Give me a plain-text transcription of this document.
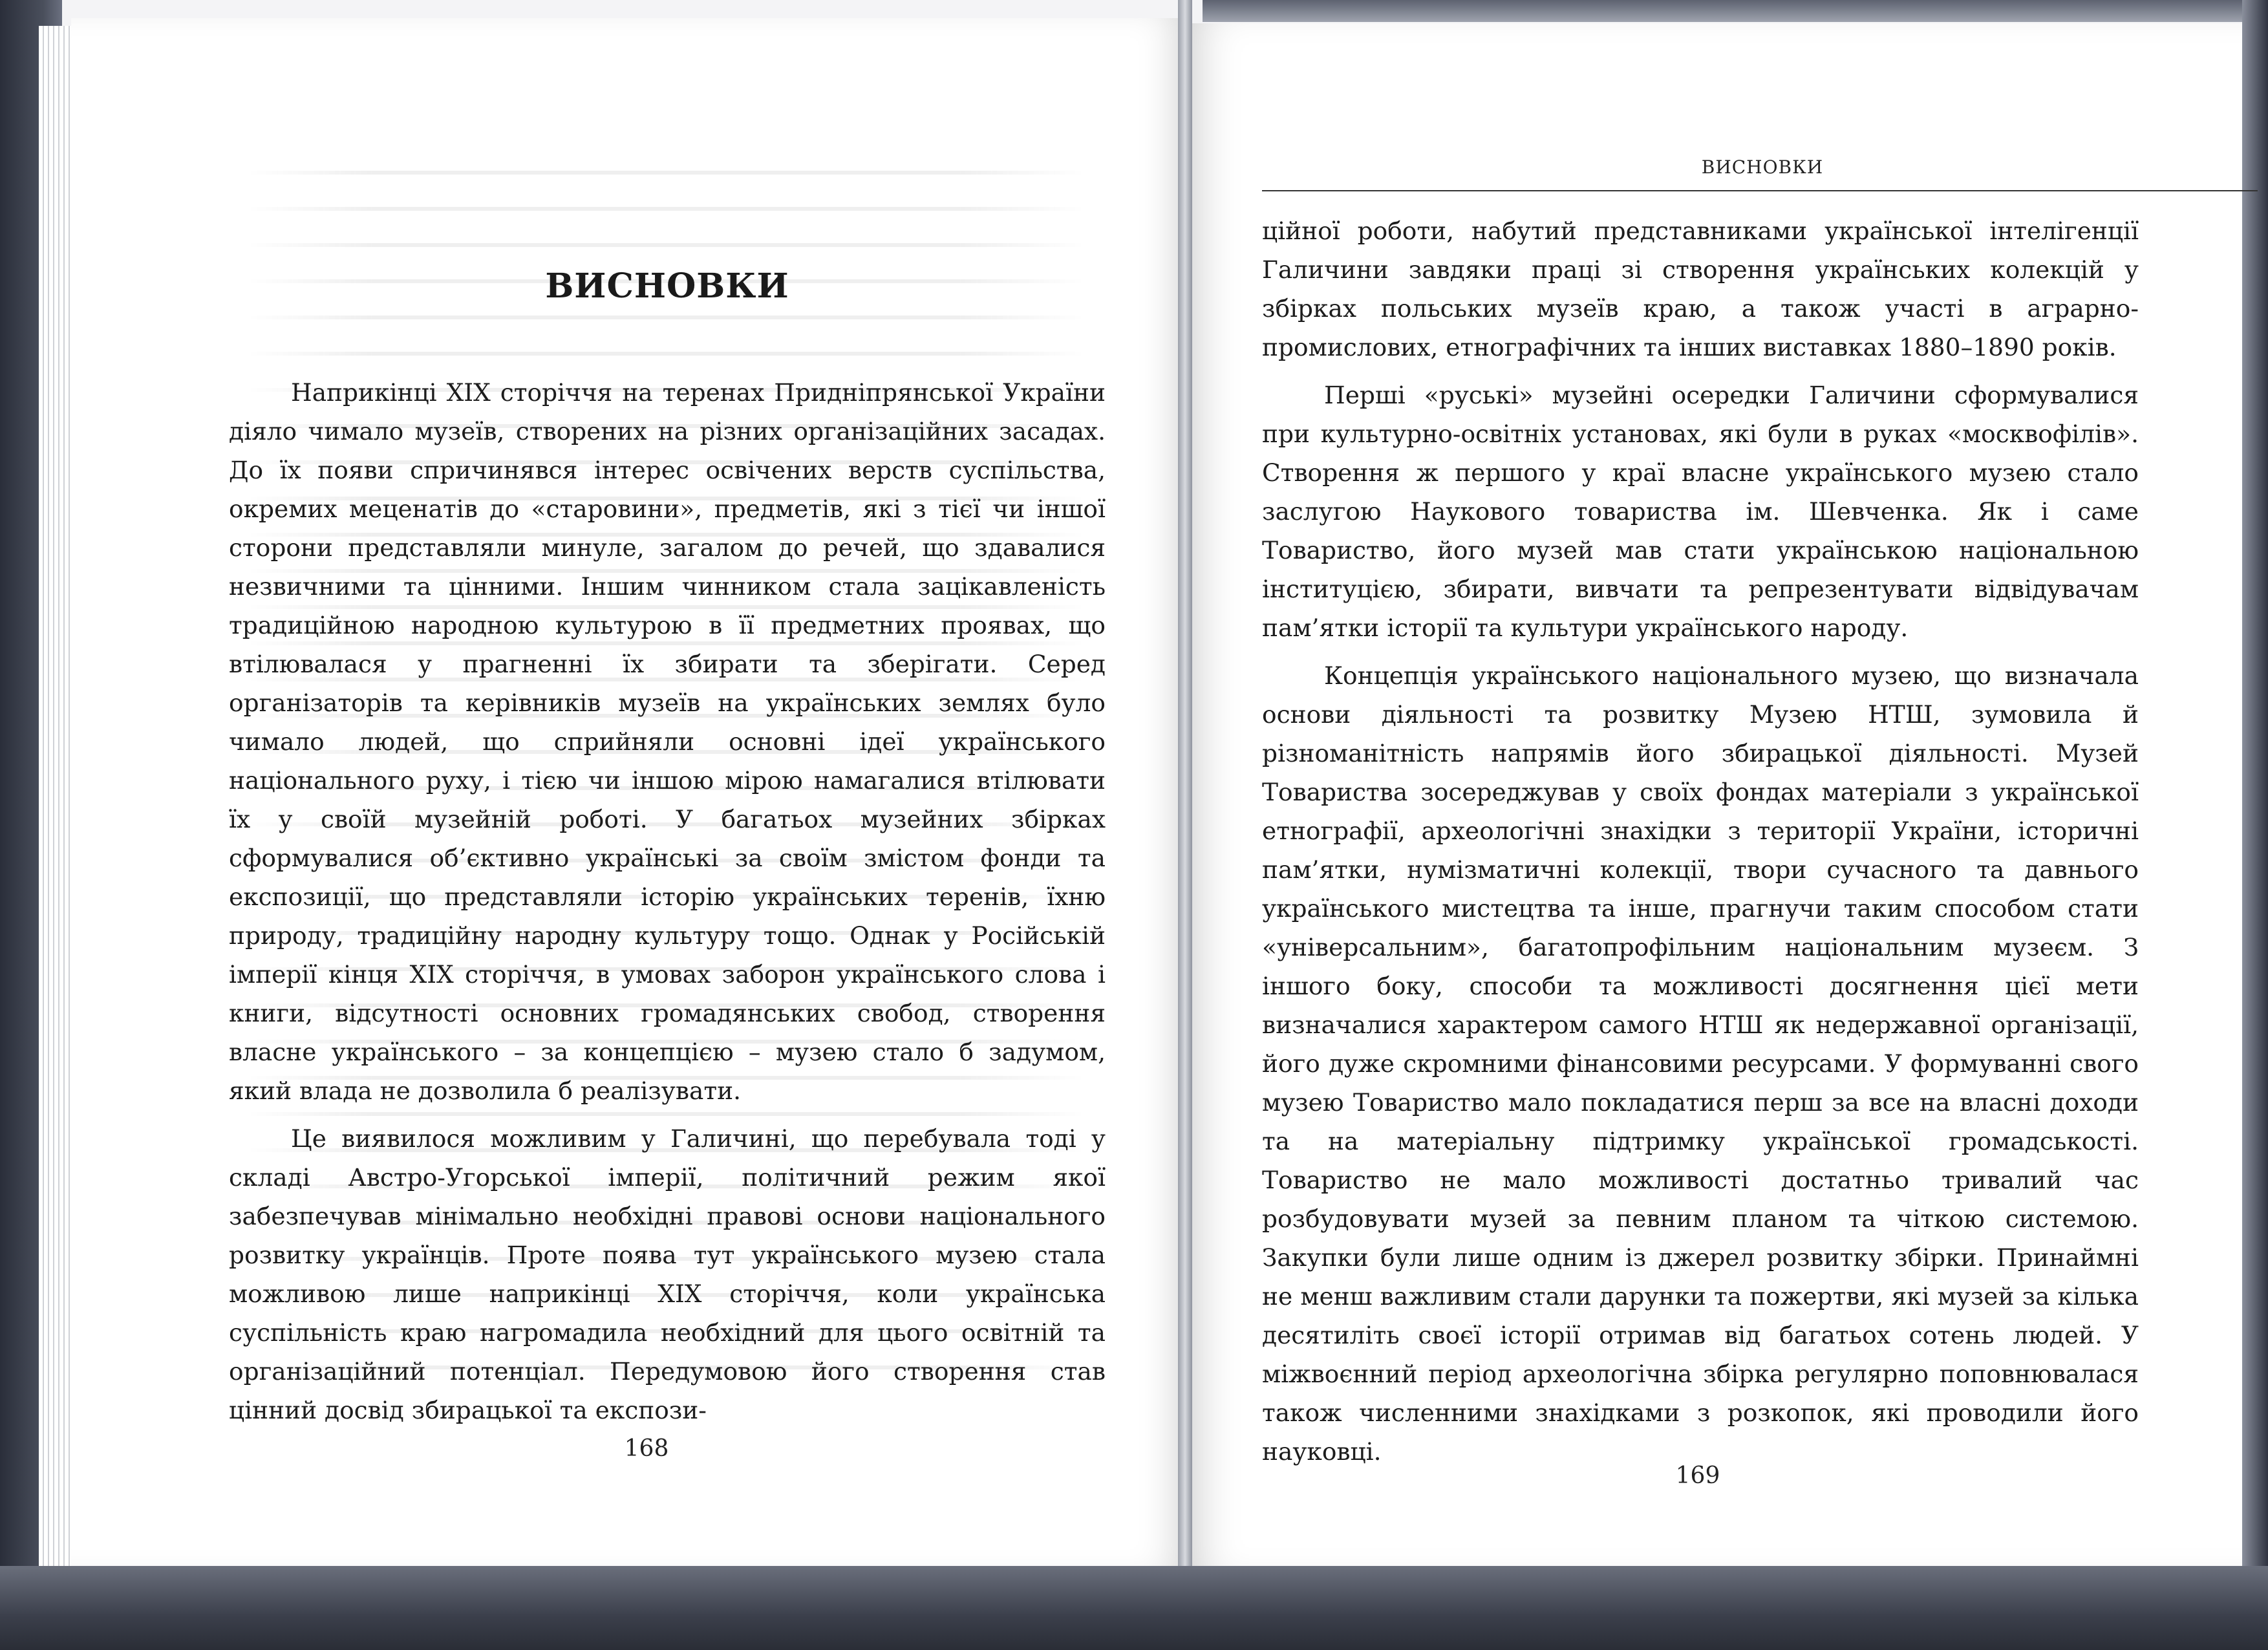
ВИСНОВКИ

Наприкінці XIX сторіччя на теренах Придніпрянської України діяло чимало музеїв, створених на різних організаційних засадах. До їх появи спричинявся інтерес освічених верств суспільства, окремих меценатів до «старовини», предметів, які з тієї чи іншої сторони представляли минуле, загалом до речей, що здавалися незвичними та цінними. Іншим чинником стала зацікавленість традиційною народною культурою в її предметних проявах, що втілювалася у прагненні їх збирати та зберігати. Серед організаторів та керівників музеїв на українських землях було чимало людей, що сприйняли основні ідеї українського національного руху, і тією чи іншою мірою намагалися втілювати їх у своїй музейній роботі. У багатьох музейних збірках сформувалися об’єктивно українські за своїм змістом фонди та експозиції, що представляли історію українських теренів, їхню природу, традиційну народну культуру тощо. Однак у Російській імперії кінця XIX сторіччя, в умовах заборон українського слова і книги, відсутності основних громадянських свобод, створення власне українського – за концепцією – музею стало б задумом, який влада не дозволила б реалізувати.

Це виявилося можливим у Галичині, що перебувала тоді у складі Австро-Угорської імперії, політичний режим якої забезпечував мінімально необхідні правові основи національного розвитку українців. Проте поява тут українського музею стала можливою лише наприкінці XIX сторіччя, коли українська суспільність краю нагромадила необхідний для цього освітній та організаційний потенціал. Передумовою його створення став цінний досвід збирацької та експози-

168
ВИСНОВКИ

ційної роботи, набутий представниками української інтелігенції Галичини завдяки праці зі створення українських колекцій у збірках польських музеїв краю, а також участі в аграрно-промислових, етнографічних та інших виставках 1880–1890 років.

Перші «руські» музейні осередки Галичини сформувалися при культурно-освітніх установах, які були в руках «москвофілів». Створення ж першого у краї власне українського музею стало заслугою Наукового товариства ім. Шевченка. Як і саме Товариство, його музей мав стати українською національною інституцією, збирати, вивчати та репрезентувати відвідувачам пам’ятки історії та культури українського народу.

Концепція українського національного музею, що визначала основи діяльності та розвитку Музею НТШ, зумовила й різноманітність напрямів його збирацької діяльності. Музей Товариства зосереджував у своїх фондах матеріали з української етнографії, археологічні знахідки з території України, історичні пам’ятки, нумізматичні колекції, твори сучасного та давнього українського мистецтва та інше, прагнучи таким способом стати «універсальним», багатопрофільним національним музеєм. З іншого боку, способи та можливості досягнення цієї мети визначалися характером самого НТШ як недержавної організації, його дуже скромними фінансовими ресурсами. У формуванні свого музею Товариство мало покладатися перш за все на власні доходи та на матеріальну підтримку української громадськості. Товариство не мало можливості достатньо тривалий час розбудовувати музей за певним планом та чіткою системою. Закупки були лише одним із джерел розвитку збірки. Принаймні не менш важливим стали дарунки та пожертви, які музей за кілька десятиліть своєї історії отримав від багатьох сотень людей. У міжвоєнний період археологічна збірка регулярно поповнювалася також численними знахідками з розкопок, які проводили його науковці.

169
